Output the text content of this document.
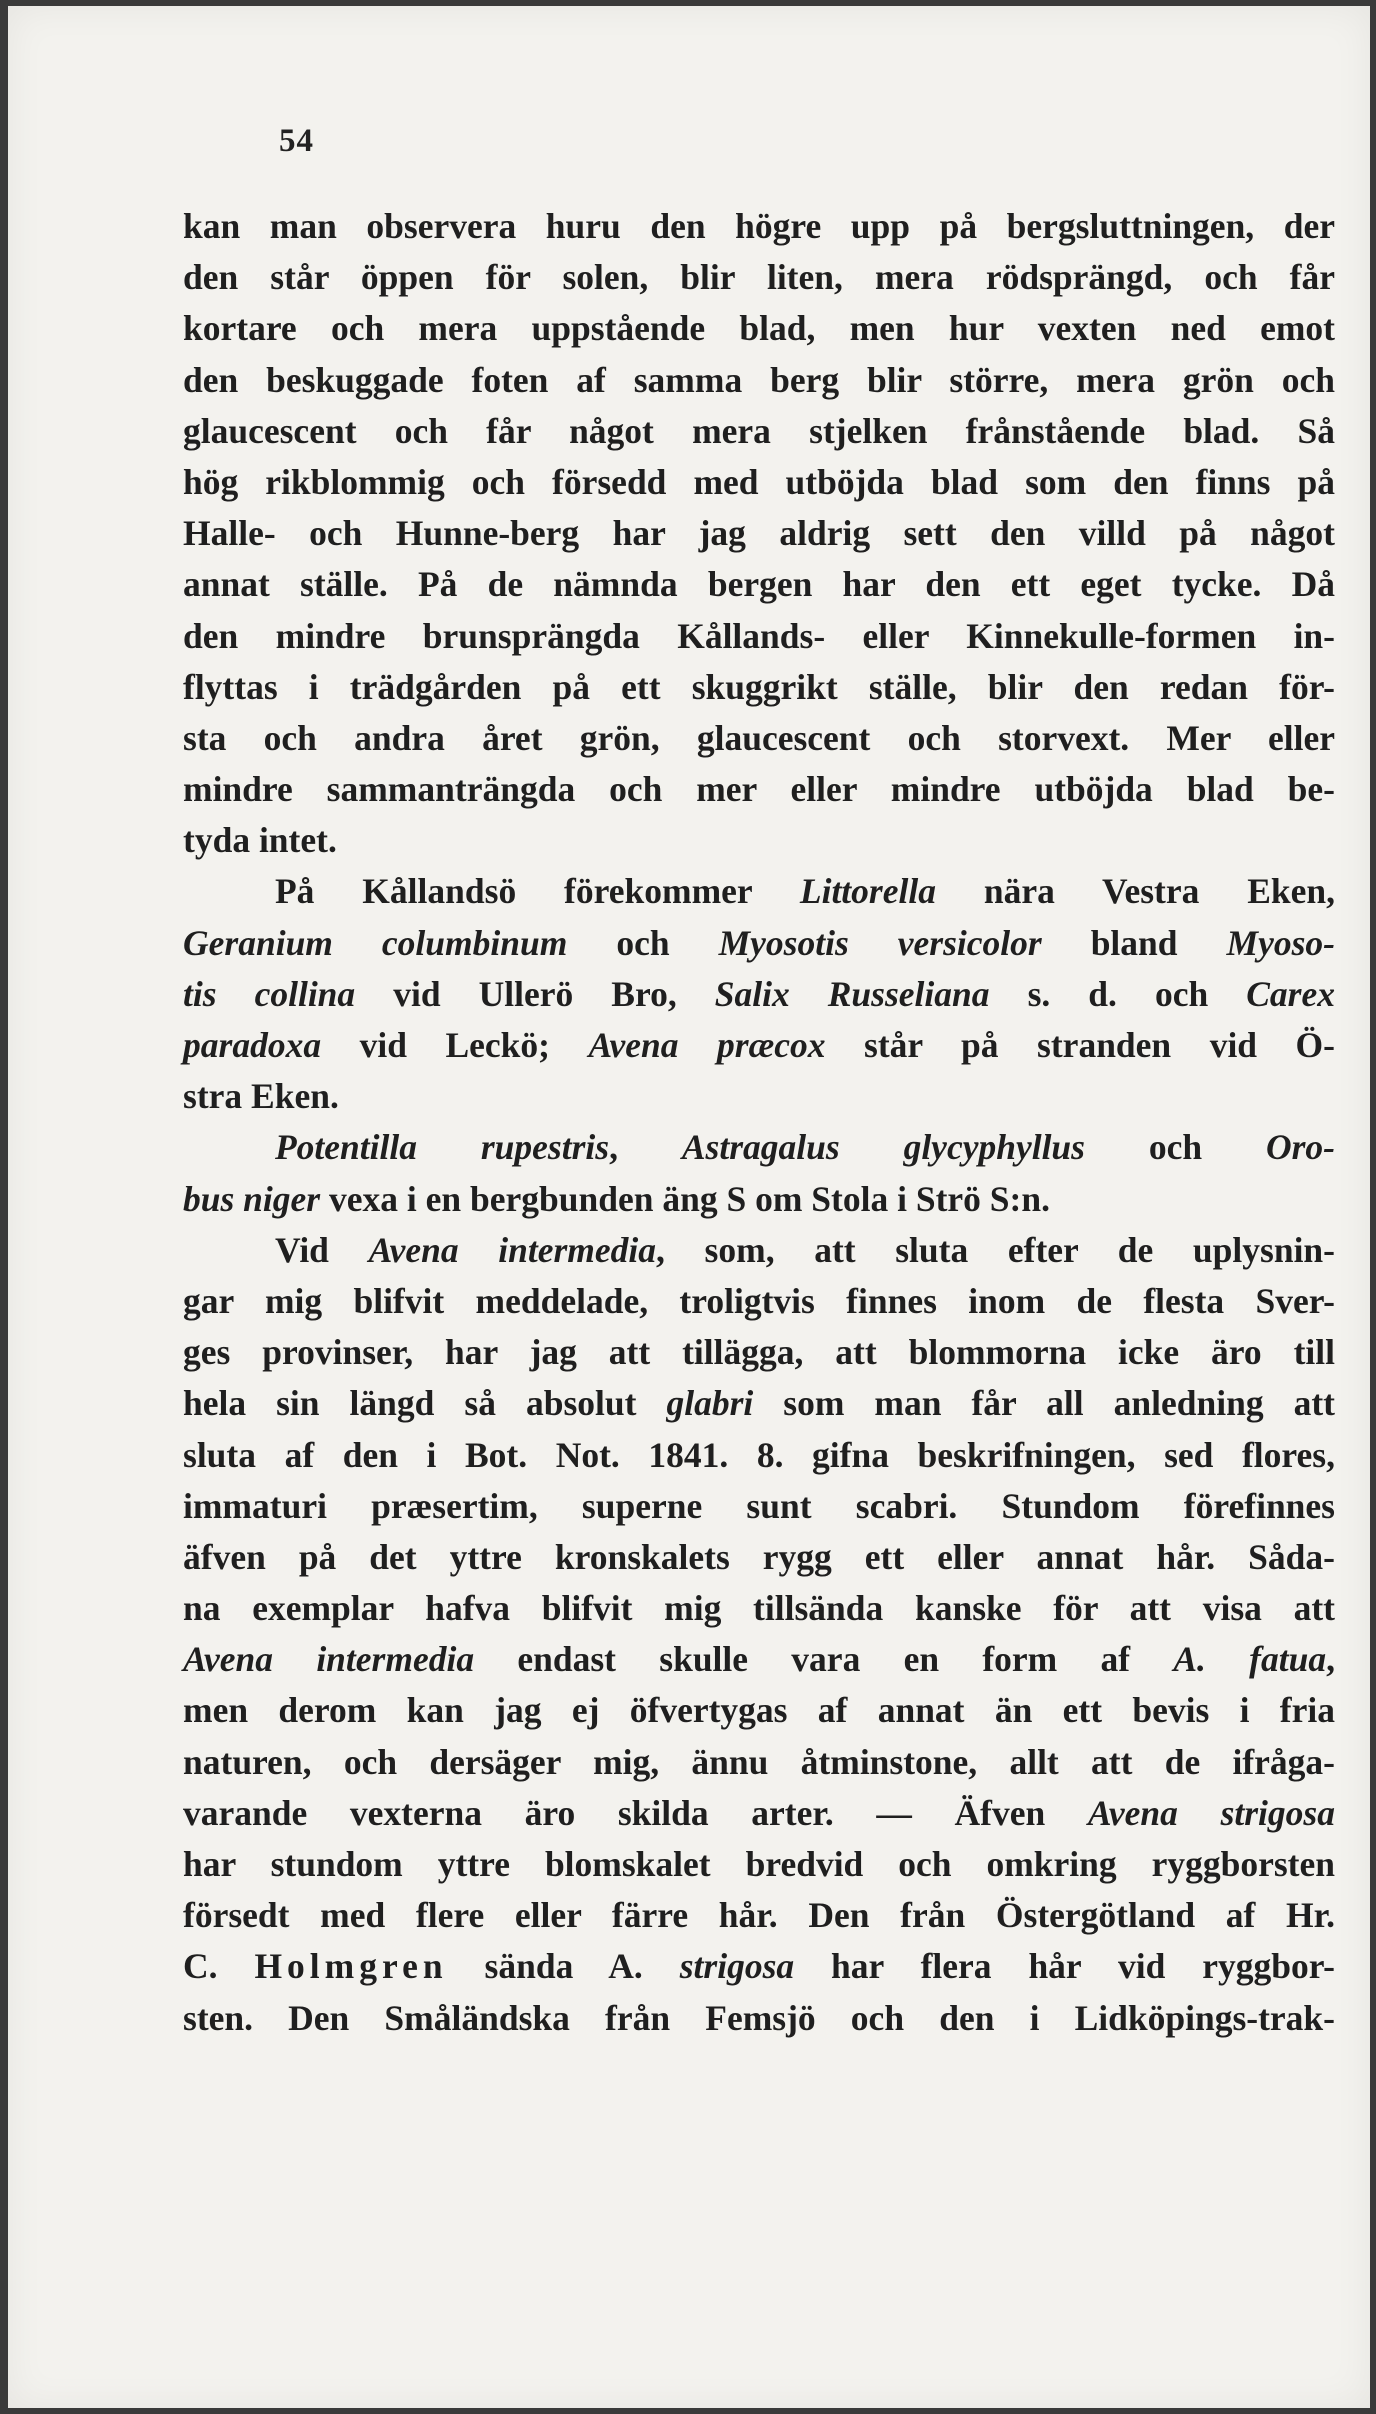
54
kan man observera huru den högre upp på bergsluttningen, der
den står öppen för solen, blir liten, mera rödsprängd, och får
kortare och mera uppstående blad, men hur vexten ned emot
den beskuggade foten af samma berg blir större, mera grön och
glaucescent och får något mera stjelken frånstående blad. Så
hög rikblommig och försedd med utböjda blad som den finns på
Halle- och Hunne-berg har jag aldrig sett den villd på något
annat ställe. På de nämnda bergen har den ett eget tycke. Då
den mindre brunsprängda Kållands- eller Kinnekulle-formen in-
flyttas i trädgården på ett skuggrikt ställe, blir den redan för-
sta och andra året grön, glaucescent och storvext. Mer eller
mindre sammanträngda och mer eller mindre utböjda blad be-
tyda intet.
På Kållandsö förekommer Littorella nära Vestra Eken,
Geranium columbinum och Myosotis versicolor bland Myoso-
tis collina vid Ullerö Bro, Salix Russeliana s. d. och Carex
paradoxa vid Leckö; Avena præcox står på stranden vid Ö-
stra Eken.
Potentilla rupestris, Astragalus glycyphyllus och Oro-
bus niger vexa i en bergbunden äng S om Stola i Strö S:n.
Vid Avena intermedia, som, att sluta efter de uplysnin-
gar mig blifvit meddelade, troligtvis finnes inom de flesta Sver-
ges provinser, har jag att tillägga, att blommorna icke äro till
hela sin längd så absolut glabri som man får all anledning att
sluta af den i Bot. Not. 1841. 8. gifna beskrifningen, sed flores,
immaturi præsertim, superne sunt scabri. Stundom förefinnes
äfven på det yttre kronskalets rygg ett eller annat hår. Såda-
na exemplar hafva blifvit mig tillsända kanske för att visa att
Avena intermedia endast skulle vara en form af A. fatua,
men derom kan jag ej öfvertygas af annat än ett bevis i fria
naturen, och dersäger mig, ännu åtminstone, allt att de ifråga-
varande vexterna äro skilda arter. — Äfven Avena strigosa
har stundom yttre blomskalet bredvid och omkring ryggborsten
försedt med flere eller färre hår. Den från Östergötland af Hr.
C. Holmgren sända A. strigosa har flera hår vid ryggbor-
sten. Den Småländska från Femsjö och den i Lidköpings-trak-
